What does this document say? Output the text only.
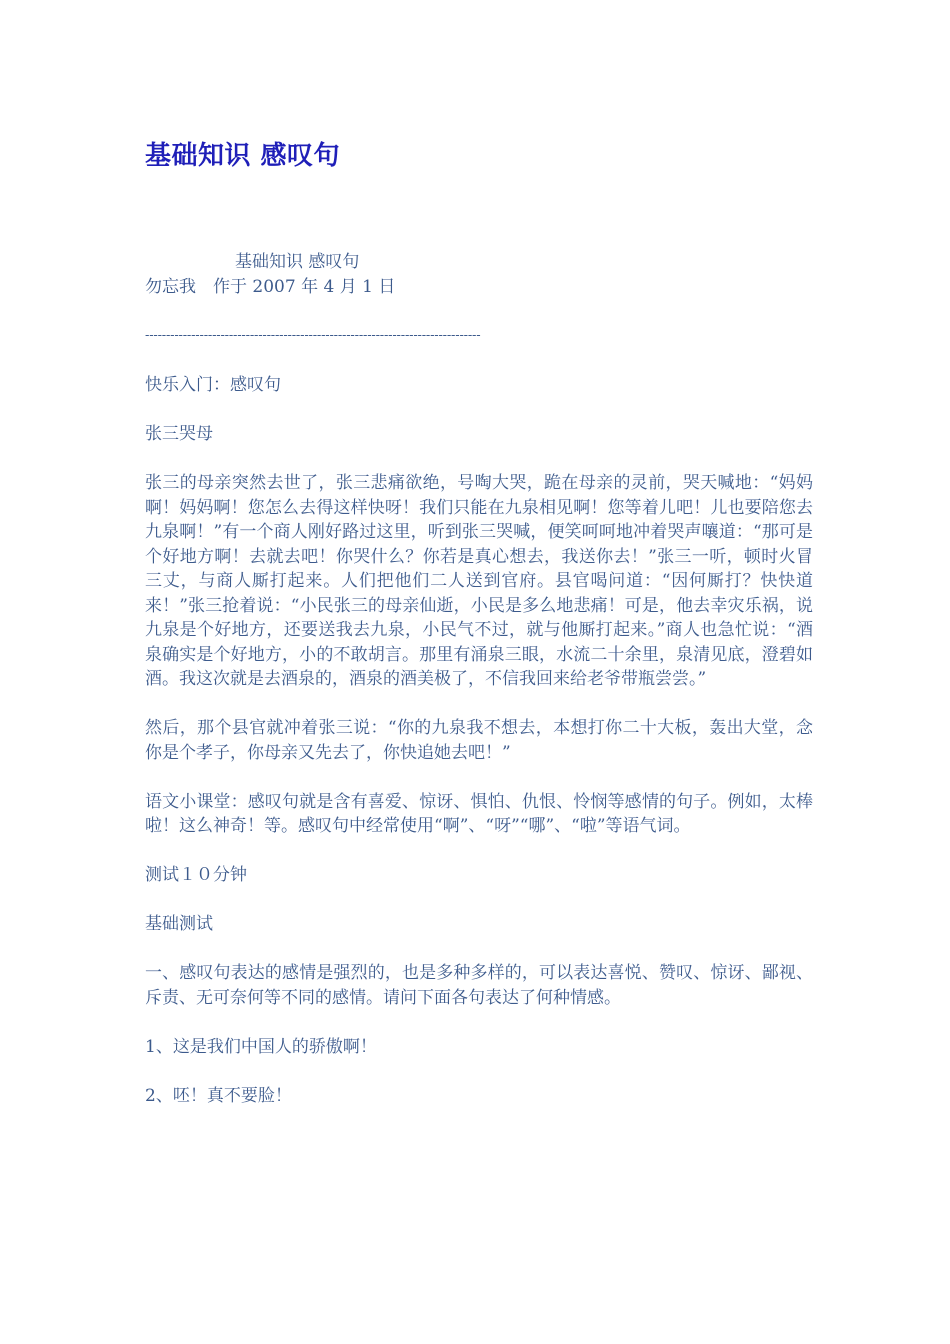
基础知识 感叹句
基础知识 感叹句
勿忘我　作于 2007 年 4 月 1 日
--------------------------------------------------------------------------------

快乐入门：感叹句

张三哭母

张三的母亲突然去世了，张三悲痛欲绝，号啕大哭，跪在母亲的灵前，哭天喊地：“妈妈啊！妈妈啊！您怎么去得这样快呀！我们只能在九泉相见啊！您等着儿吧！儿也要陪您去九泉啊！”有一个商人刚好路过这里，听到张三哭喊，便笑呵呵地冲着哭声嚷道：“那可是个好地方啊！去就去吧！你哭什么？你若是真心想去，我送你去！”张三一听，顿时火冒三丈，与商人厮打起来。人们把他们二人送到官府。县官喝问道：“因何厮打？快快道来！”张三抢着说：“小民张三的母亲仙逝，小民是多么地悲痛！可是，他去幸灾乐祸，说九泉是个好地方，还要送我去九泉，小民气不过，就与他厮打起来。”商人也急忙说：“酒泉确实是个好地方，小的不敢胡言。那里有涌泉三眼，水流二十余里，泉清见底，澄碧如酒。我这次就是去酒泉的，酒泉的酒美极了，不信我回来给老爷带瓶尝尝。”

然后，那个县官就冲着张三说：“你的九泉我不想去，本想打你二十大板，轰出大堂，念你是个孝子，你母亲又先去了，你快追她去吧！”

语文小课堂：感叹句就是含有喜爱、惊讶、惧怕、仇恨、怜悯等感情的句子。例如，太棒啦！这么神奇！等。感叹句中经常使用“啊”、“呀”“哪”、“啦”等语气词。

测试１０分钟

基础测试

一、感叹句表达的感情是强烈的，也是多种多样的，可以表达喜悦、赞叹、惊讶、鄙视、斥责、无可奈何等不同的感情。请问下面各句表达了何种情感。

1、这是我们中国人的骄傲啊！

2、呸！真不要脸！
